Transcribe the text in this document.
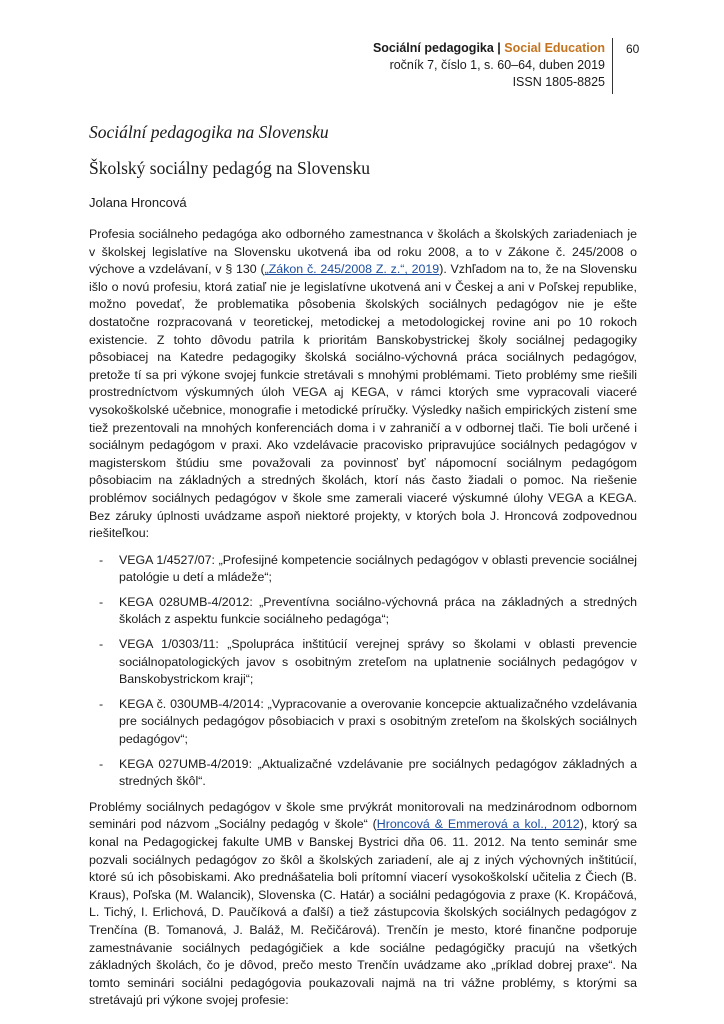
Sociální pedagogika | Social Education
ročník 7, číslo 1, s. 60–64, duben 2019
ISSN 1805-8825
60
Sociální pedagogika na Slovensku
Školský sociálny pedagóg na Slovensku
Jolana Hroncová

Profesia sociálneho pedagóga ako odborného zamestnanca v školách a školských zariadeniach je v školskej legislatíve na Slovensku ukotvená iba od roku 2008, a to v Zákone č. 245/2008 o výchove a vzdelávaní, v § 130 („Zákon č. 245/2008 Z. z.“, 2019). Vzhľadom na to, že na Slovensku išlo o novú profesiu, ktorá zatiaľ nie je legislatívne ukotvená ani v Českej a ani v Poľskej republike, možno povedať, že problematika pôsobenia školských sociálnych pedagógov nie je ešte dostatočne rozpracovaná v teoretickej, metodickej a metodologickej rovine ani po 10 rokoch existencie. Z tohto dôvodu patrila k prioritám Banskobystrickej školy sociálnej pedagogiky pôsobiacej na Katedre pedagogiky školská sociálno-výchovná práca sociálnych pedagógov, pretože tí sa pri výkone svojej funkcie stretávali s mnohými problémami. Tieto problémy sme riešili prostredníctvom výskumných úloh VEGA aj KEGA, v rámci ktorých sme vypracovali viaceré vysokoškolské učebnice, monografie i metodické príručky. Výsledky našich empirických zistení sme tiež prezentovali na mnohých konferenciách doma i v zahraničí a v odbornej tlači. Tie boli určené i sociálnym pedagógom v praxi. Ako vzdelávacie pracovisko pripravujúce sociálnych pedagógov v magisterskom štúdiu sme považovali za povinnosť byť nápomocní sociálnym pedagógom pôsobiacim na základných a stredných školách, ktorí nás často žiadali o pomoc. Na riešenie problémov sociálnych pedagógov v škole sme zamerali viaceré výskumné úlohy VEGA a KEGA. Bez záruky úplnosti uvádzame aspoň niektoré projekty, v ktorých bola J. Hroncová zodpovednou riešiteľkou:

- VEGA 1/4527/07: „Profesijné kompetencie sociálnych pedagógov v oblasti prevencie sociálnej patológie u detí a mládeže“;
- KEGA 028UMB-4/2012: „Preventívna sociálno-výchovná práca na základných a stredných školách z aspektu funkcie sociálneho pedagóga“;
- VEGA 1/0303/11: „Spolupráca inštitúcií verejnej správy so školami v oblasti prevencie sociálnopatologických javov s osobitným zreteľom na uplatnenie sociálnych pedagógov v Banskobystrickom kraji“;
- KEGA č. 030UMB-4/2014: „Vypracovanie a overovanie koncepcie aktualizačného vzdelávania pre sociálnych pedagógov pôsobiacich v praxi s osobitným zreteľom na školských sociálnych pedagógov“;
- KEGA 027UMB-4/2019: „Aktualizačné vzdelávanie pre sociálnych pedagógov základných a stredných škôl“.

Problémy sociálnych pedagógov v škole sme prvýkrát monitorovali na medzinárodnom odbornom seminári pod názvom „Sociálny pedagóg v škole“ (Hroncová & Emmerová a kol., 2012), ktorý sa konal na Pedagogickej fakulte UMB v Banskej Bystrici dňa 06. 11. 2012. Na tento seminár sme pozvali sociálnych pedagógov zo škôl a školských zariadení, ale aj z iných výchovných inštitúcií, ktoré sú ich pôsobiskami. Ako prednášatelia boli prítomní viacerí vysokoškolskí učitelia z Čiech (B. Kraus), Poľska (M. Walancik), Slovenska (C. Határ) a sociálni pedagógovia z praxe (K. Kropáčová, L. Tichý, I. Erlichová, D. Paučíková a ďalší) a tiež zástupcovia školských sociálnych pedagógov z Trenčína (B. Tomanová, J. Baláž, M. Rečičárová). Trenčín je mesto, ktoré finančne podporuje zamestnávanie sociálnych pedagógičiek a kde sociálne pedagógičky pracujú na všetkých základných školách, čo je dôvod, prečo mesto Trenčín uvádzame ako „príklad dobrej praxe“. Na tomto seminári sociálni pedagógovia poukazovali najmä na tri vážne problémy, s ktorými sa stretávajú pri výkone svojej profesie:
